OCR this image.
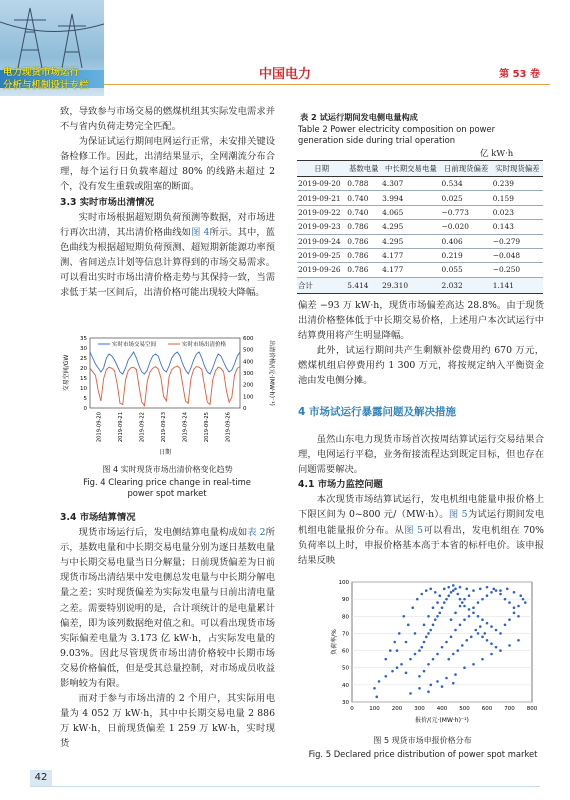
电力现货市场运行
分析与机制设计专栏
中国电力	第 53 卷

致，导致参与市场交易的燃煤机组其实际发电需求并不与省内负荷走势完全匹配。

为保证试运行期间电网运行正常，未安排关键设备检修工作。因此，出清结果显示，全网潮流分布合理，每个运行日负载率超过 80% 的线路未超过 2 个，没有发生重载或阻塞的断面。

3.3 实时市场出清情况

实时市场根据超短期负荷预测等数据，对市场进行再次出清，其出清价格曲线如图 4所示。其中，蓝色曲线为根据超短期负荷预测、超短期新能源功率预测、省间送点计划等信息计算得到的市场交易需求。可以看出实时市场出清价格走势与其保持一致，当需求低于某一区间后，出清价格可能出现较大降幅。

0
5
10
15
20
25
30
35
0
100
200
300
400
500
600
2019-09-20	2019-09-21	2019-09-22	2019-09-23	2019-09-24	2019-09-25	2019-09-26
实时市场交易空间	实时市场出清价格
交易空间/GW	出清价格/(元·(MW·h)⁻¹)
日期
图 4 实时现货市场出清价格变化趋势
Fig. 4 Clearing price change in real-time power spot market
3.4 市场结算情况

现货市场运行后，发电侧结算电量构成如表 2所示，基数电量和中长期交易电量分别为逐日基数电量与中长期交易电量当日分解量；日前现货偏差为日前现货市场出清结果中发电侧总发电量与中长期分解电量之差；实时现货偏差为实际发电量与日前出清电量之差。需要特别说明的是，合计项统计的是电量累计偏差，即为该列数据绝对值之和。可以看出现货市场实际偏差电量为 3.173 亿 kW·h，占实际发电量的 9.03%。因此尽管现货市场出清价格较中长期市场交易价格偏低，但是受其总量控制，对市场成员收益影响较为有限。

而对于参与市场出清的 2 个用户，其实际用电量为 4 052 万 kW·h，其中中长期交易电量 2 886 万 kW·h，日前现货偏差 1 259 万 kW·h，实时现货

表 2 试运行期间发电侧电量构成
Table 2 Power electricity composition on power generation side during trial operation
亿 kW·h
日期	基数电量	中长期交易电量	日前现货偏差	实时现货偏差
2019-09-20	0.788	4.307	0.534	0.239
2019-09-21	0.740	3.994	0.025	0.159
2019-09-22	0.740	4.065	−0.773	0.023
2019-09-23	0.786	4.295	−0.020	0.143
2019-09-24	0.786	4.295	0.406	−0.279
2019-09-25	0.786	4.177	0.219	−0.048
2019-09-26	0.786	4.177	0.055	−0.250
合计	5.414	29.310	2.032	1.141

偏差 −93 万 kW·h，现货市场偏差高达 28.8%。由于现货出清价格整体低于中长期交易价格，上述用户本次试运行中结算费用将产生明显降幅。

此外，试运行期间共产生剩额补偿费用约 670 万元，燃煤机组启停费用约 1 300 万元，将按规定纳入平衡资金池由发电侧分摊。

4 市场试运行暴露问题及解决措施

虽然山东电力现货市场首次按周结算试运行交易结果合理，电网运行平稳，业务衔接流程达到既定目标，但也存在问题需要解决。

4.1 市场力监控问题

本次现货市场结算试运行，发电机组电能量申报价格上下限区间为 0~800 元/（MW·h）。图 5为试运行期间发电机组电能量报价分布。从图 5可以看出，发电机组在 70% 负荷率以上时，申报价格基本高于本省的标杆电价。该申报结果反映

30
40
50
60
70
80
90
100
0	100 200 300 400 500 600 700 800
负荷率/%
报价/(元·(MW·h)⁻¹)
图 5 现货市场申报价格分布
Fig. 5 Declared price distribution of power spot market
42
